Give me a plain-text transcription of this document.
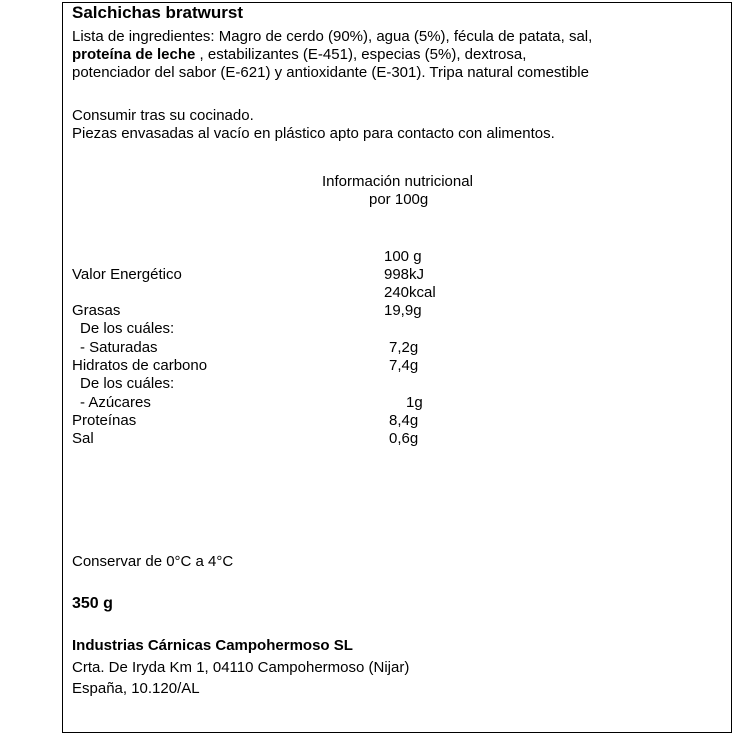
Salchichas bratwurst
Lista de ingredientes: Magro de cerdo (90%), agua (5%), fécula de patata, sal,
proteína de leche , estabilizantes (E-451), especias (5%), dextrosa,
potenciador del sabor (E-621) y antioxidante (E-301). Tripa natural comestible
Consumir tras su cocinado.
Piezas envasadas al vacío en plástico apto para contacto con alimentos.
Información nutricional
por 100g
100 g
Valor Energético	998kJ
240kcal
Grasas	19,9g
De los cuáles:
- Saturadas	7,2g
Hidratos de carbono	7,4g
De los cuáles:
- Azúcares	1g
Proteínas	8,4g
Sal	0,6g
Conservar de 0°C a 4°C
350 g
Industrias Cárnicas Campohermoso SL
Crta. De Iryda Km 1, 04110 Campohermoso (Nijar)
España, 10.120/AL
